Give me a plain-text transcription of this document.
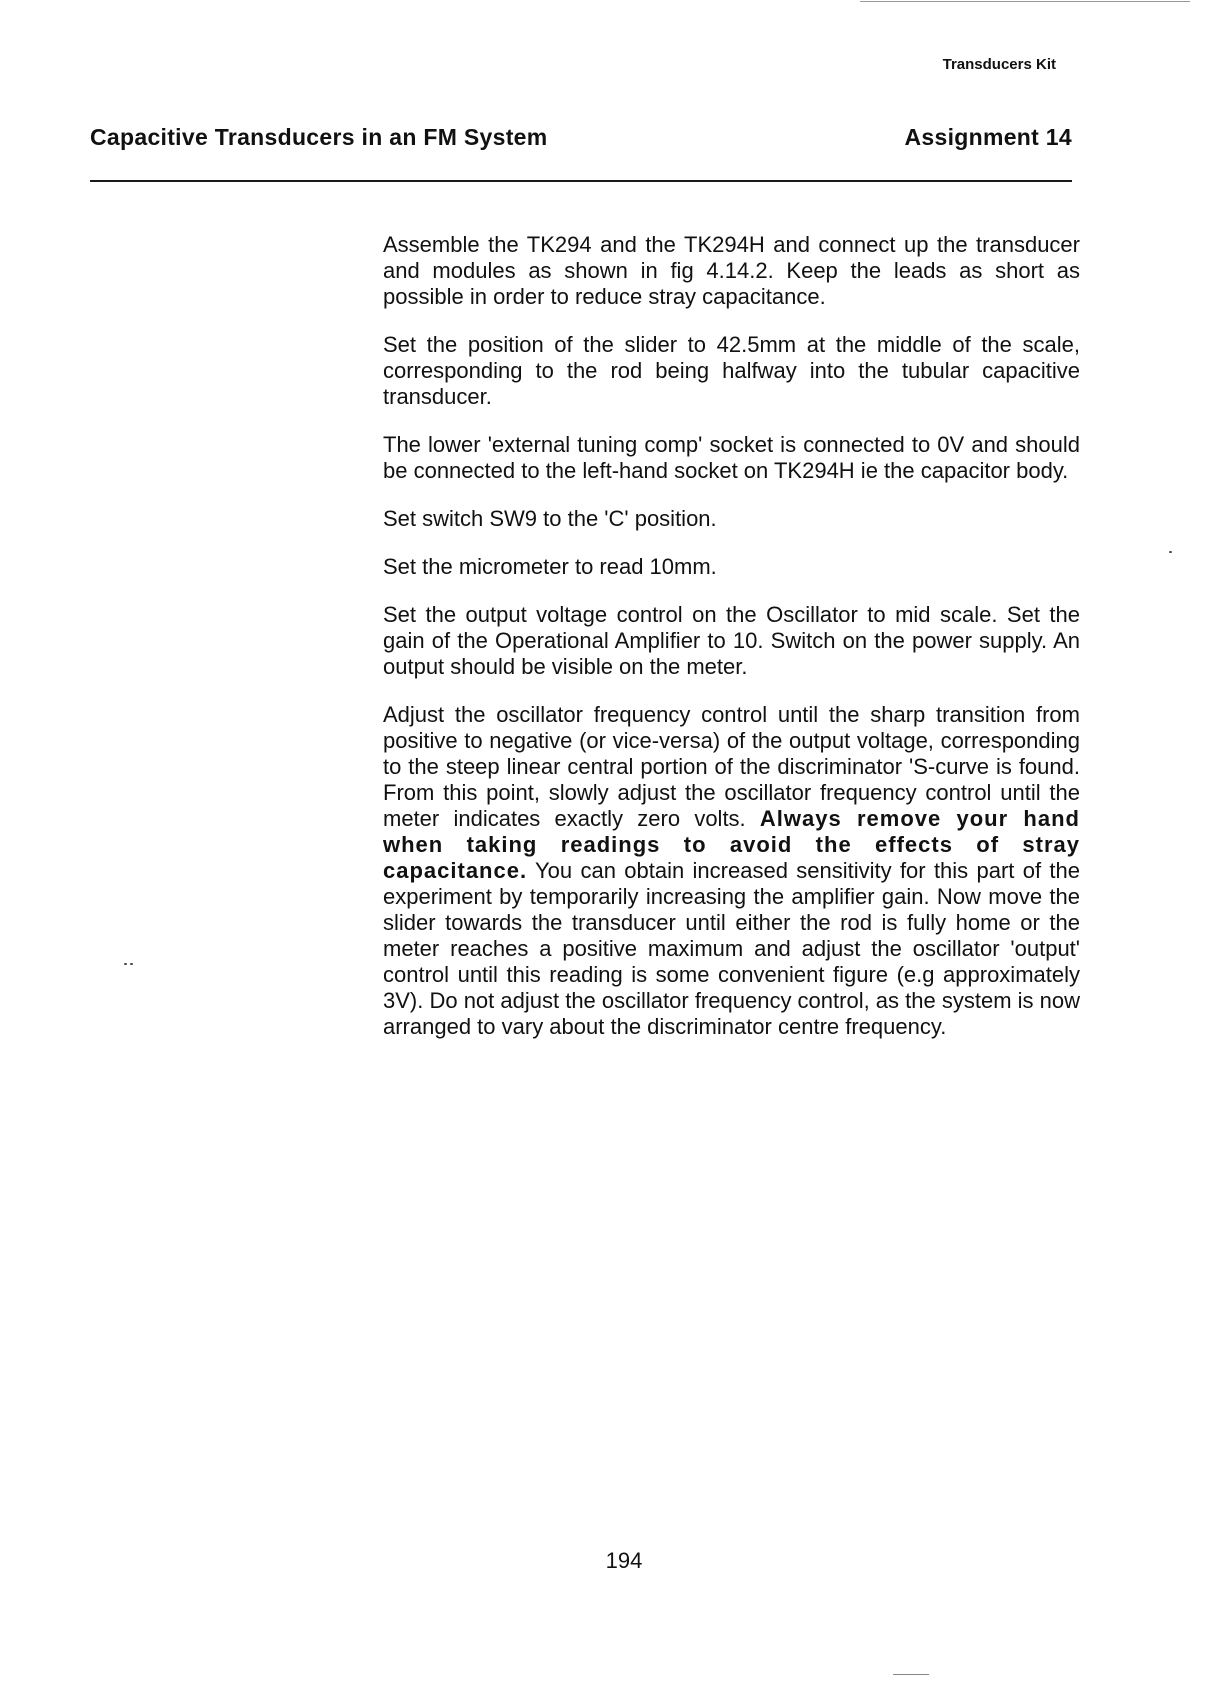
Transducers Kit
Capacitive Transducers in an FM System	Assignment 14

Assemble the TK294 and the TK294H and connect up the transducer and modules as shown in fig 4.14.2. Keep the leads as short as possible in order to reduce stray capacitance.

Set the position of the slider to 42.5mm at the middle of the scale, corresponding to the rod being halfway into the tubular capacitive transducer.

The lower 'external tuning comp' socket is connected to 0V and should be connected to the left-hand socket on TK294H ie the capacitor body.

Set switch SW9 to the 'C' position.

Set the micrometer to read 10mm.

Set the output voltage control on the Oscillator to mid scale. Set the gain of the Operational Amplifier to 10. Switch on the power supply. An output should be visible on the meter.

Adjust the oscillator frequency control until the sharp transition from positive to negative (or vice-versa) of the output voltage, corresponding to the steep linear central portion of the discriminator 'S-curve is found. From this point, slowly adjust the oscillator frequency control until the meter indicates exactly zero volts. Always remove your hand when taking readings to avoid the effects of stray capacitance. You can obtain increased sensitivity for this part of the experiment by temporarily increasing the amplifier gain. Now move the slider towards the transducer until either the rod is fully home or the meter reaches a positive maximum and adjust the oscillator 'output' control until this reading is some convenient figure (e.g approximately 3V). Do not adjust the oscillator frequency control, as the system is now arranged to vary about the discriminator centre frequency.

194
